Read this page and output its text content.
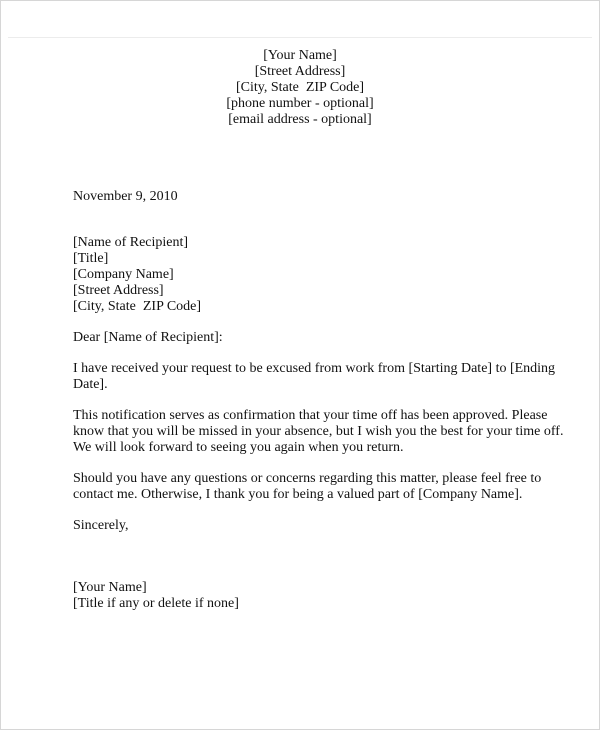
[Your Name]
[Street Address]
[City, State  ZIP Code]
[phone number - optional]
[email address - optional]
November 9, 2010
[Name of Recipient]
[Title]
[Company Name]
[Street Address]
[City, State  ZIP Code]
Dear [Name of Recipient]:
I have received your request to be excused from work from [Starting Date] to [Ending
Date].
This notification serves as confirmation that your time off has been approved. Please
know that you will be missed in your absence, but I wish you the best for your time off.
We will look forward to seeing you again when you return.
Should you have any questions or concerns regarding this matter, please feel free to
contact me. Otherwise, I thank you for being a valued part of [Company Name].
Sincerely,
[Your Name]
[Title if any or delete if none]
